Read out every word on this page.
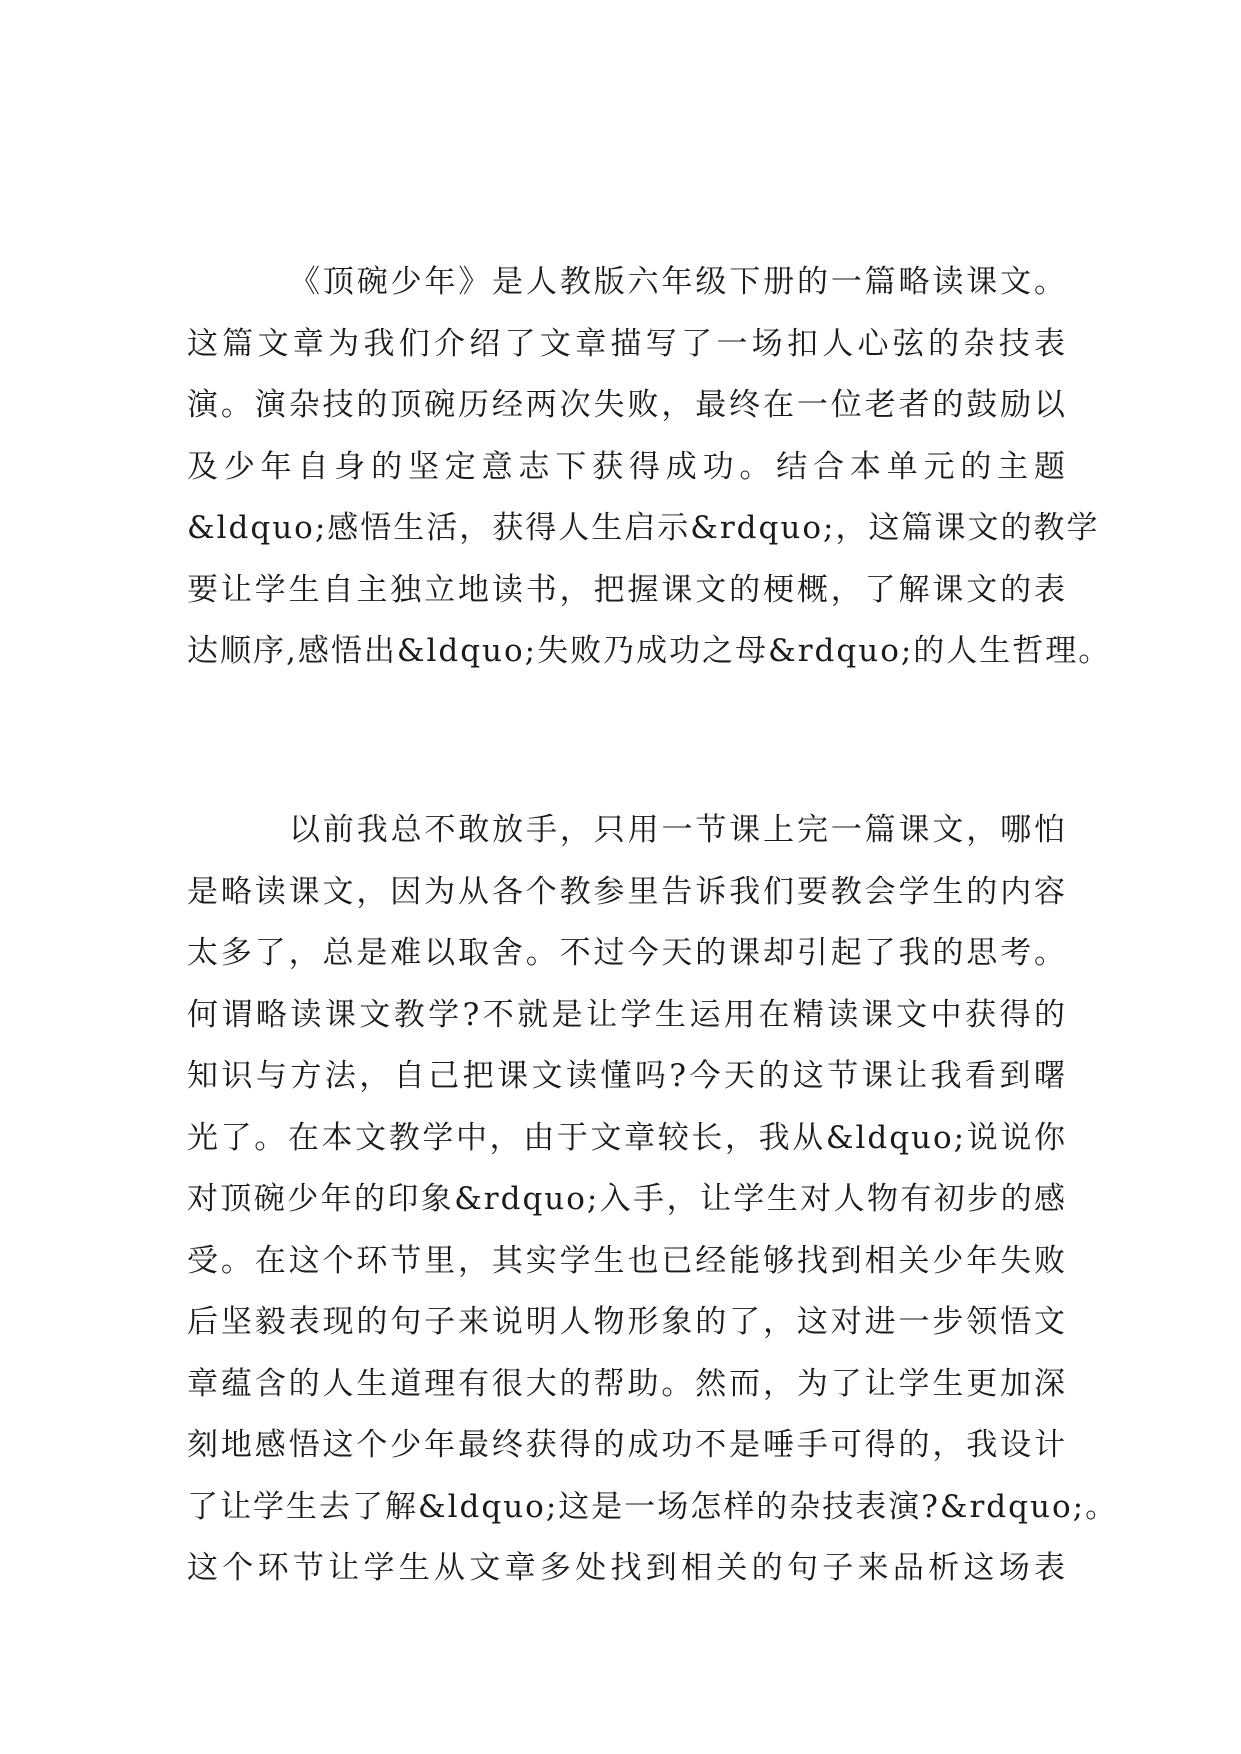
《顶碗少年》是人教版六年级下册的一篇略读课文。
这篇文章为我们介绍了文章描写了一场扣人心弦的杂技表
演。演杂技的顶碗历经两次失败，最终在一位老者的鼓励以
及少年自身的坚定意志下获得成功。结合本单元的主题
&ldquo;感悟生活，获得人生启示&rdquo;，这篇课文的教学
要让学生自主独立地读书，把握课文的梗概，了解课文的表
达顺序,感悟出&ldquo;失败乃成功之母&rdquo;的人生哲理。
以前我总不敢放手，只用一节课上完一篇课文，哪怕
是略读课文，因为从各个教参里告诉我们要教会学生的内容
太多了，总是难以取舍。不过今天的课却引起了我的思考。
何谓略读课文教学?不就是让学生运用在精读课文中获得的
知识与方法，自己把课文读懂吗?今天的这节课让我看到曙
光了。在本文教学中，由于文章较长，我从&ldquo;说说你
对顶碗少年的印象&rdquo;入手，让学生对人物有初步的感
受。在这个环节里，其实学生也已经能够找到相关少年失败
后坚毅表现的句子来说明人物形象的了，这对进一步领悟文
章蕴含的人生道理有很大的帮助。然而，为了让学生更加深
刻地感悟这个少年最终获得的成功不是唾手可得的，我设计
了让学生去了解&ldquo;这是一场怎样的杂技表演?&rdquo;。
这个环节让学生从文章多处找到相关的句子来品析这场表
